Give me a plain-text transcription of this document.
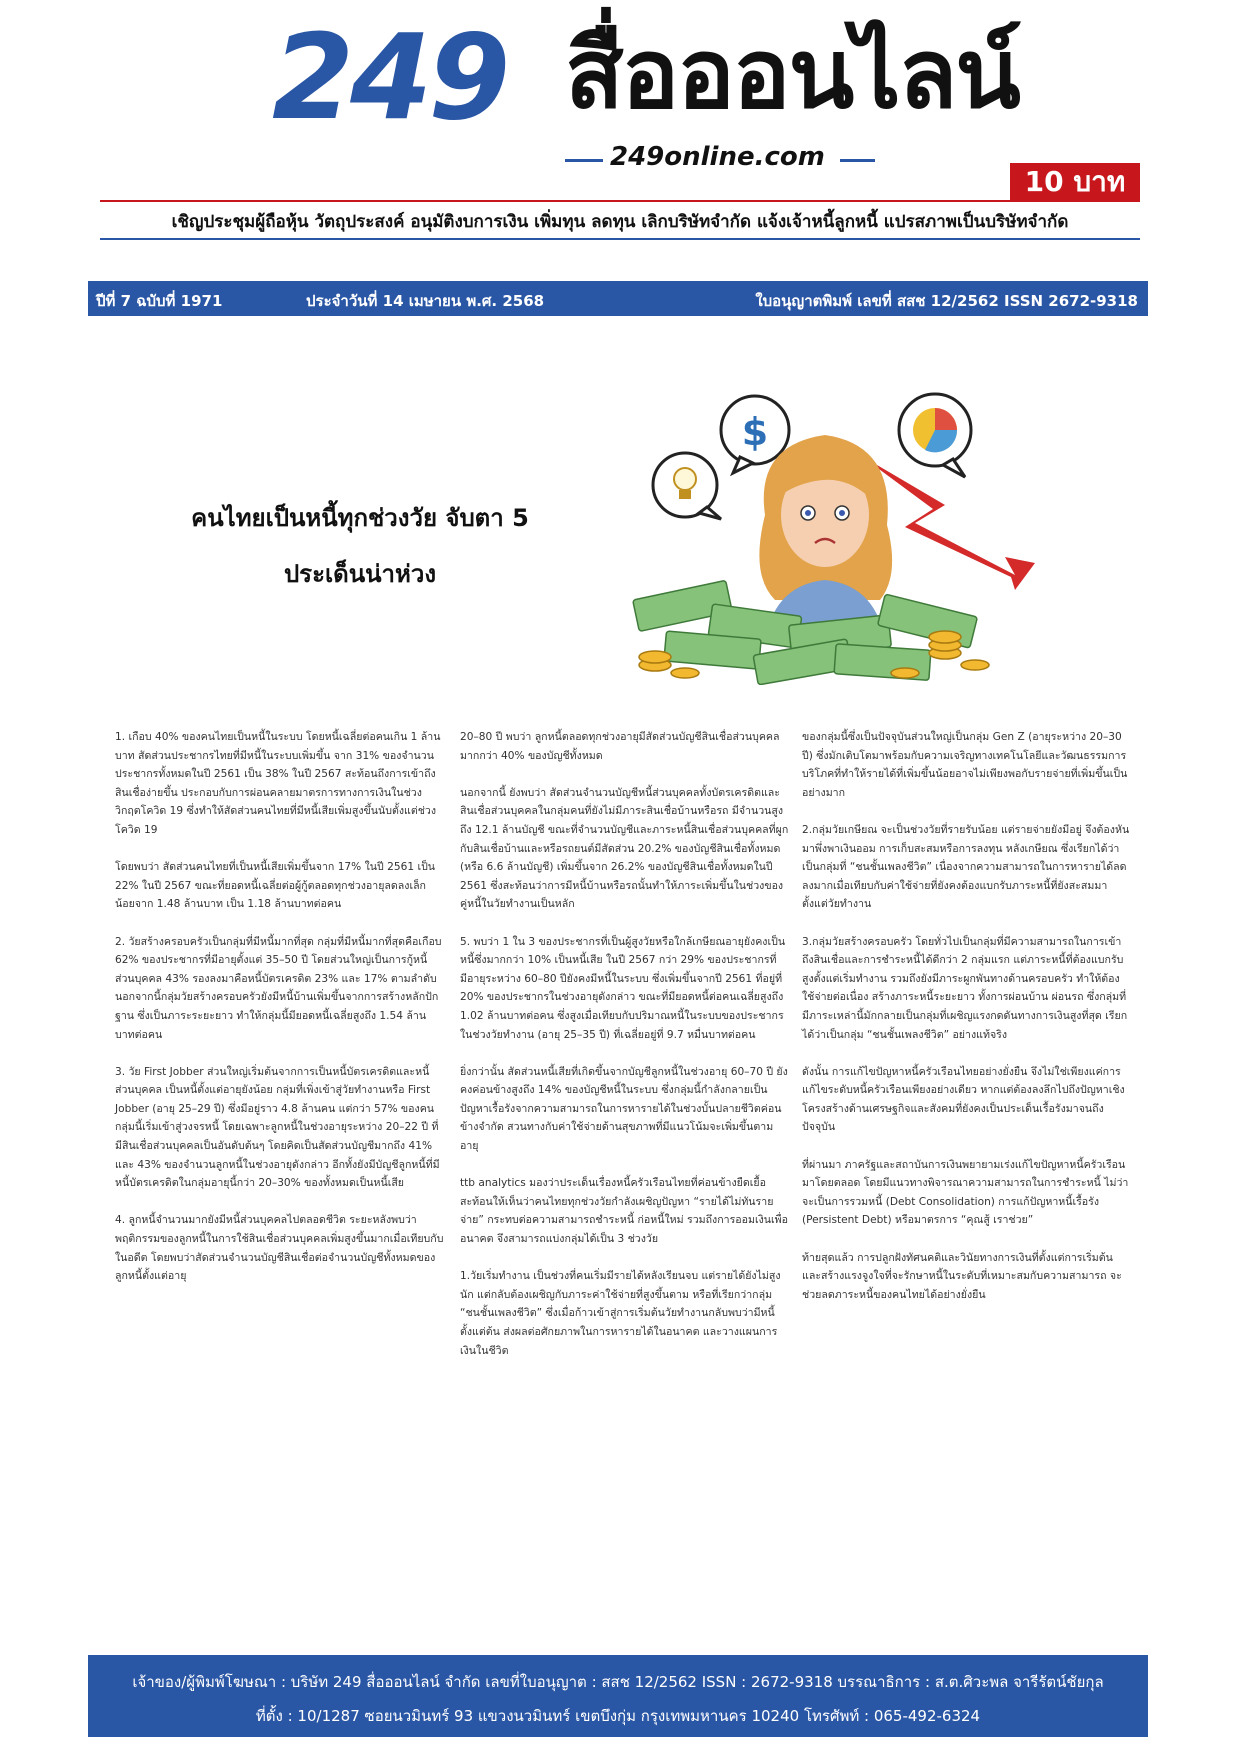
249 สื่อออนไลน์
249online.com
10 บาท
เชิญประชุมผู้ถือหุ้น วัตถุประสงค์ อนุมัติงบการเงิน เพิ่มทุน ลดทุน เลิกบริษัทจำกัด แจ้งเจ้าหนี้ลูกหนี้ แปรสภาพเป็นบริษัทจำกัด
ปีที่ 7 ฉบับที่ 1971	ประจำวันที่ 14 เมษายน พ.ศ. 2568	ใบอนุญาตพิมพ์ เลขที่ สสช 12/2562 ISSN 2672-9318
คนไทยเป็นหนี้ทุกช่วงวัย จับตา 5
ประเด็นน่าห่วง
$

1. เกือบ 40% ของคนไทยเป็นหนี้ในระบบ โดยหนี้เฉลี่ยต่อคนเกิน 1 ล้านบาท สัดส่วนประชากรไทยที่มีหนี้ในระบบเพิ่มขึ้น จาก 31% ของจำนวนประชากรทั้งหมดในปี 2561 เป็น 38% ในปี 2567 สะท้อนถึงการเข้าถึงสินเชื่อง่ายขึ้น ประกอบกับการผ่อนคลายมาตรการทางการเงินในช่วงวิกฤตโควิด 19 ซึ่งทำให้สัดส่วนคนไทยที่มีหนี้เสียเพิ่มสูงขึ้นนับตั้งแต่ช่วงโควิด 19

โดยพบว่า สัดส่วนคนไทยที่เป็นหนี้เสียเพิ่มขึ้นจาก 17% ในปี 2561 เป็น 22% ในปี 2567 ขณะที่ยอดหนี้เฉลี่ยต่อผู้กู้ตลอดทุกช่วงอายุลดลงเล็กน้อยจาก 1.48 ล้านบาท เป็น 1.18 ล้านบาทต่อคน

2. วัยสร้างครอบครัวเป็นกลุ่มที่มีหนี้มากที่สุด กลุ่มที่มีหนี้มากที่สุดคือเกือบ 62% ของประชากรที่มีอายุตั้งแต่ 35–50 ปี โดยส่วนใหญ่เป็นการกู้หนี้ส่วนบุคคล 43% รองลงมาคือหนี้บัตรเครดิต 23% และ 17% ตามลำดับ นอกจากนี้กลุ่มวัยสร้างครอบครัวยังมีหนี้บ้านเพิ่มขึ้นจากการสร้างหลักปักฐาน ซึ่งเป็นภาระระยะยาว ทำให้กลุ่มนี้มียอดหนี้เฉลี่ยสูงถึง 1.54 ล้านบาทต่อคน

3. วัย First Jobber ส่วนใหญ่เริ่มต้นจากการเป็นหนี้บัตรเครดิตและหนี้ส่วนบุคคล เป็นหนี้ตั้งแต่อายุยังน้อย กลุ่มที่เพิ่งเข้าสู่วัยทำงานหรือ First Jobber (อายุ 25–29 ปี) ซึ่งมีอยู่ราว 4.8 ล้านคน แต่กว่า 57% ของคนกลุ่มนี้เริ่มเข้าสู่วงจรหนี้ โดยเฉพาะลูกหนี้ในช่วงอายุระหว่าง 20–22 ปี ที่มีสินเชื่อส่วนบุคคลเป็นอันดับต้นๆ โดยคิดเป็นสัดส่วนบัญชีมากถึง 41% และ 43% ของจำนวนลูกหนี้ในช่วงอายุดังกล่าว อีกทั้งยังมีบัญชีลูกหนี้ที่มีหนี้บัตรเครดิตในกลุ่มอายุนี้กว่า 20–30% ของทั้งหมดเป็นหนี้เสีย

4. ลูกหนี้จำนวนมากยังมีหนี้ส่วนบุคคลไปตลอดชีวิต ระยะหลังพบว่าพฤติกรรมของลูกหนี้ในการใช้สินเชื่อส่วนบุคคลเพิ่มสูงขึ้นมากเมื่อเทียบกับในอดีต โดยพบว่าสัดส่วนจำนวนบัญชีสินเชื่อต่อจำนวนบัญชีทั้งหมดของลูกหนี้ตั้งแต่อายุ

20–80 ปี พบว่า ลูกหนี้ตลอดทุกช่วงอายุมีสัดส่วนบัญชีสินเชื่อส่วนบุคคลมากกว่า 40% ของบัญชีทั้งหมด

นอกจากนี้ ยังพบว่า สัดส่วนจำนวนบัญชีหนี้ส่วนบุคคลทั้งบัตรเครดิตและสินเชื่อส่วนบุคคลในกลุ่มคนที่ยังไม่มีภาระสินเชื่อบ้านหรือรถ มีจำนวนสูงถึง 12.1 ล้านบัญชี ขณะที่จำนวนบัญชีและภาระหนี้สินเชื่อส่วนบุคคลที่ผูกกับสินเชื่อบ้านและหรือรถยนต์มีสัดส่วน 20.2% ของบัญชีสินเชื่อทั้งหมด (หรือ 6.6 ล้านบัญชี) เพิ่มขึ้นจาก 26.2% ของบัญชีสินเชื่อทั้งหมดในปี 2561 ซึ่งสะท้อนว่าการมีหนี้บ้านหรือรถนั้นทำให้ภาระเพิ่มขึ้นในช่วงของคู่หนี้ในวัยทำงานเป็นหลัก

5. พบว่า 1 ใน 3 ของประชากรที่เป็นผู้สูงวัยหรือใกล้เกษียณอายุยังคงเป็นหนี้ซึ่งมากกว่า 10% เป็นหนี้เสีย ในปี 2567 กว่า 29% ของประชากรที่มีอายุระหว่าง 60–80 ปียังคงมีหนี้ในระบบ ซึ่งเพิ่มขึ้นจากปี 2561 ที่อยู่ที่ 20% ของประชากรในช่วงอายุดังกล่าว ขณะที่มียอดหนี้ต่อคนเฉลี่ยสูงถึง 1.02 ล้านบาทต่อคน ซึ่งสูงเมื่อเทียบกับปริมาณหนี้ในระบบของประชากรในช่วงวัยทำงาน (อายุ 25–35 ปี) ที่เฉลี่ยอยู่ที่ 9.7 หมื่นบาทต่อคน

ยิ่งกว่านั้น สัดส่วนหนี้เสียที่เกิดขึ้นจากบัญชีลูกหนี้ในช่วงอายุ 60–70 ปี ยังคงค่อนข้างสูงถึง 14% ของบัญชีหนี้ในระบบ ซึ่งกลุ่มนี้กำลังกลายเป็นปัญหาเรื้อรังจากความสามารถในการหารายได้ในช่วงบั้นปลายชีวิตค่อนข้างจำกัด สวนทางกับค่าใช้จ่ายด้านสุขภาพที่มีแนวโน้มจะเพิ่มขึ้นตามอายุ

ttb analytics มองว่าประเด็นเรื่องหนี้ครัวเรือนไทยที่ค่อนข้างยืดเยื้อ สะท้อนให้เห็นว่าคนไทยทุกช่วงวัยกำลังเผชิญปัญหา “รายได้ไม่ทันรายจ่าย” กระทบต่อความสามารถชำระหนี้ ก่อหนี้ใหม่ รวมถึงการออมเงินเพื่ออนาคต จึงสามารถแบ่งกลุ่มได้เป็น 3 ช่วงวัย

1.วัยเริ่มทำงาน เป็นช่วงที่คนเริ่มมีรายได้หลังเรียนจบ แต่รายได้ยังไม่สูงนัก แต่กลับต้องเผชิญกับภาระค่าใช้จ่ายที่สูงขึ้นตาม หรือที่เรียกว่ากลุ่ม “ชนชั้นเพลงชีวิต” ซึ่งเมื่อก้าวเข้าสู่การเริ่มต้นวัยทำงานกลับพบว่ามีหนี้ตั้งแต่ต้น ส่งผลต่อศักยภาพในการหารายได้ในอนาคต และวางแผนการเงินในชีวิต

ของกลุ่มนี้ซึ่งเป็นปัจจุบันส่วนใหญ่เป็นกลุ่ม Gen Z (อายุระหว่าง 20–30 ปี) ซึ่งมักเติบโตมาพร้อมกับความเจริญทางเทคโนโลยีและวัฒนธรรมการบริโภคที่ทำให้รายได้ที่เพิ่มขึ้นน้อยอาจไม่เพียงพอกับรายจ่ายที่เพิ่มขึ้นเป็นอย่างมาก

2.กลุ่มวัยเกษียณ จะเป็นช่วงวัยที่รายรับน้อย แต่รายจ่ายยังมีอยู่ จึงต้องหันมาพึ่งพาเงินออม การเก็บสะสมหรือการลงทุน หลังเกษียณ ซึ่งเรียกได้ว่าเป็นกลุ่มที่ “ชนชั้นเพลงชีวิต” เนื่องจากความสามารถในการหารายได้ลดลงมากเมื่อเทียบกับค่าใช้จ่ายที่ยังคงต้องแบกรับภาระหนี้ที่ยังสะสมมาตั้งแต่วัยทำงาน

3.กลุ่มวัยสร้างครอบครัว โดยทั่วไปเป็นกลุ่มที่มีความสามารถในการเข้าถึงสินเชื่อและการชำระหนี้ได้ดีกว่า 2 กลุ่มแรก แต่ภาระหนี้ที่ต้องแบกรับสูงตั้งแต่เริ่มทำงาน รวมถึงยังมีภาระผูกพันทางด้านครอบครัว ทำให้ต้องใช้จ่ายต่อเนื่อง สร้างภาระหนี้ระยะยาว ทั้งการผ่อนบ้าน ผ่อนรถ ซึ่งกลุ่มที่มีภาระเหล่านี้มักกลายเป็นกลุ่มที่เผชิญแรงกดดันทางการเงินสูงที่สุด เรียกได้ว่าเป็นกลุ่ม “ชนชั้นเพลงชีวิต” อย่างแท้จริง

ดังนั้น การแก้ไขปัญหาหนี้ครัวเรือนไทยอย่างยั่งยืน จึงไม่ใช่เพียงแค่การแก้ไขระดับหนี้ครัวเรือนเพียงอย่างเดียว หากแต่ต้องลงลึกไปถึงปัญหาเชิงโครงสร้างด้านเศรษฐกิจและสังคมที่ยังคงเป็นประเด็นเรื้อรังมาจนถึงปัจจุบัน

ที่ผ่านมา ภาครัฐและสถาบันการเงินพยายามเร่งแก้ไขปัญหาหนี้ครัวเรือนมาโดยตลอด โดยมีแนวทางพิจารณาความสามารถในการชำระหนี้ ไม่ว่าจะเป็นการรวมหนี้ (Debt Consolidation) การแก้ปัญหาหนี้เรื้อรัง (Persistent Debt) หรือมาตรการ “คุณสู้ เราช่วย”

ท้ายสุดแล้ว การปลูกฝังทัศนคติและวินัยทางการเงินที่ตั้งแต่การเริ่มต้น และสร้างแรงจูงใจที่จะรักษาหนี้ในระดับที่เหมาะสมกับความสามารถ จะช่วยลดภาระหนี้ของคนไทยได้อย่างยั่งยืน

เจ้าของ/ผู้พิมพ์โฆษณา : บริษัท 249 สื่อออนไลน์ จำกัด เลขที่ใบอนุญาต : สสช 12/2562 ISSN : 2672-9318 บรรณาธิการ : ส.ต.ศิวะพล จารีรัตน์ชัยกุล
ที่ตั้ง : 10/1287 ซอยนวมินทร์ 93 แขวงนวมินทร์ เขตบึงกุ่ม กรุงเทพมหานคร 10240 โทรศัพท์ : 065-492-6324
